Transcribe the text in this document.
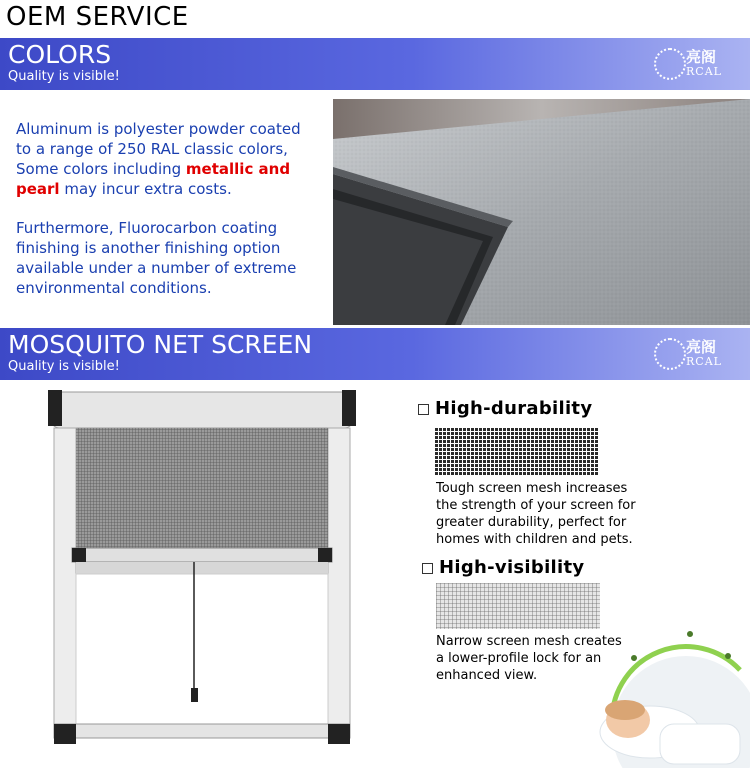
OEM SERVICE
COLORS
Quality is visible!
亮阁
RCAL
Aluminum is polyester powder coated to a range of 250 RAL classic colors, Some colors including metallic and pearl may incur extra costs.
Furthermore, Fluorocarbon coating finishing is another finishing option available under a number of extreme environmental conditions.
MOSQUITO NET SCREEN
Quality is visible!
亮阁
RCAL
High-durability
Tough screen mesh increases the strength of your screen for greater durability, perfect for homes with children and pets.
High-visibility
Narrow screen mesh creates a lower-profile lock for an enhanced view.
